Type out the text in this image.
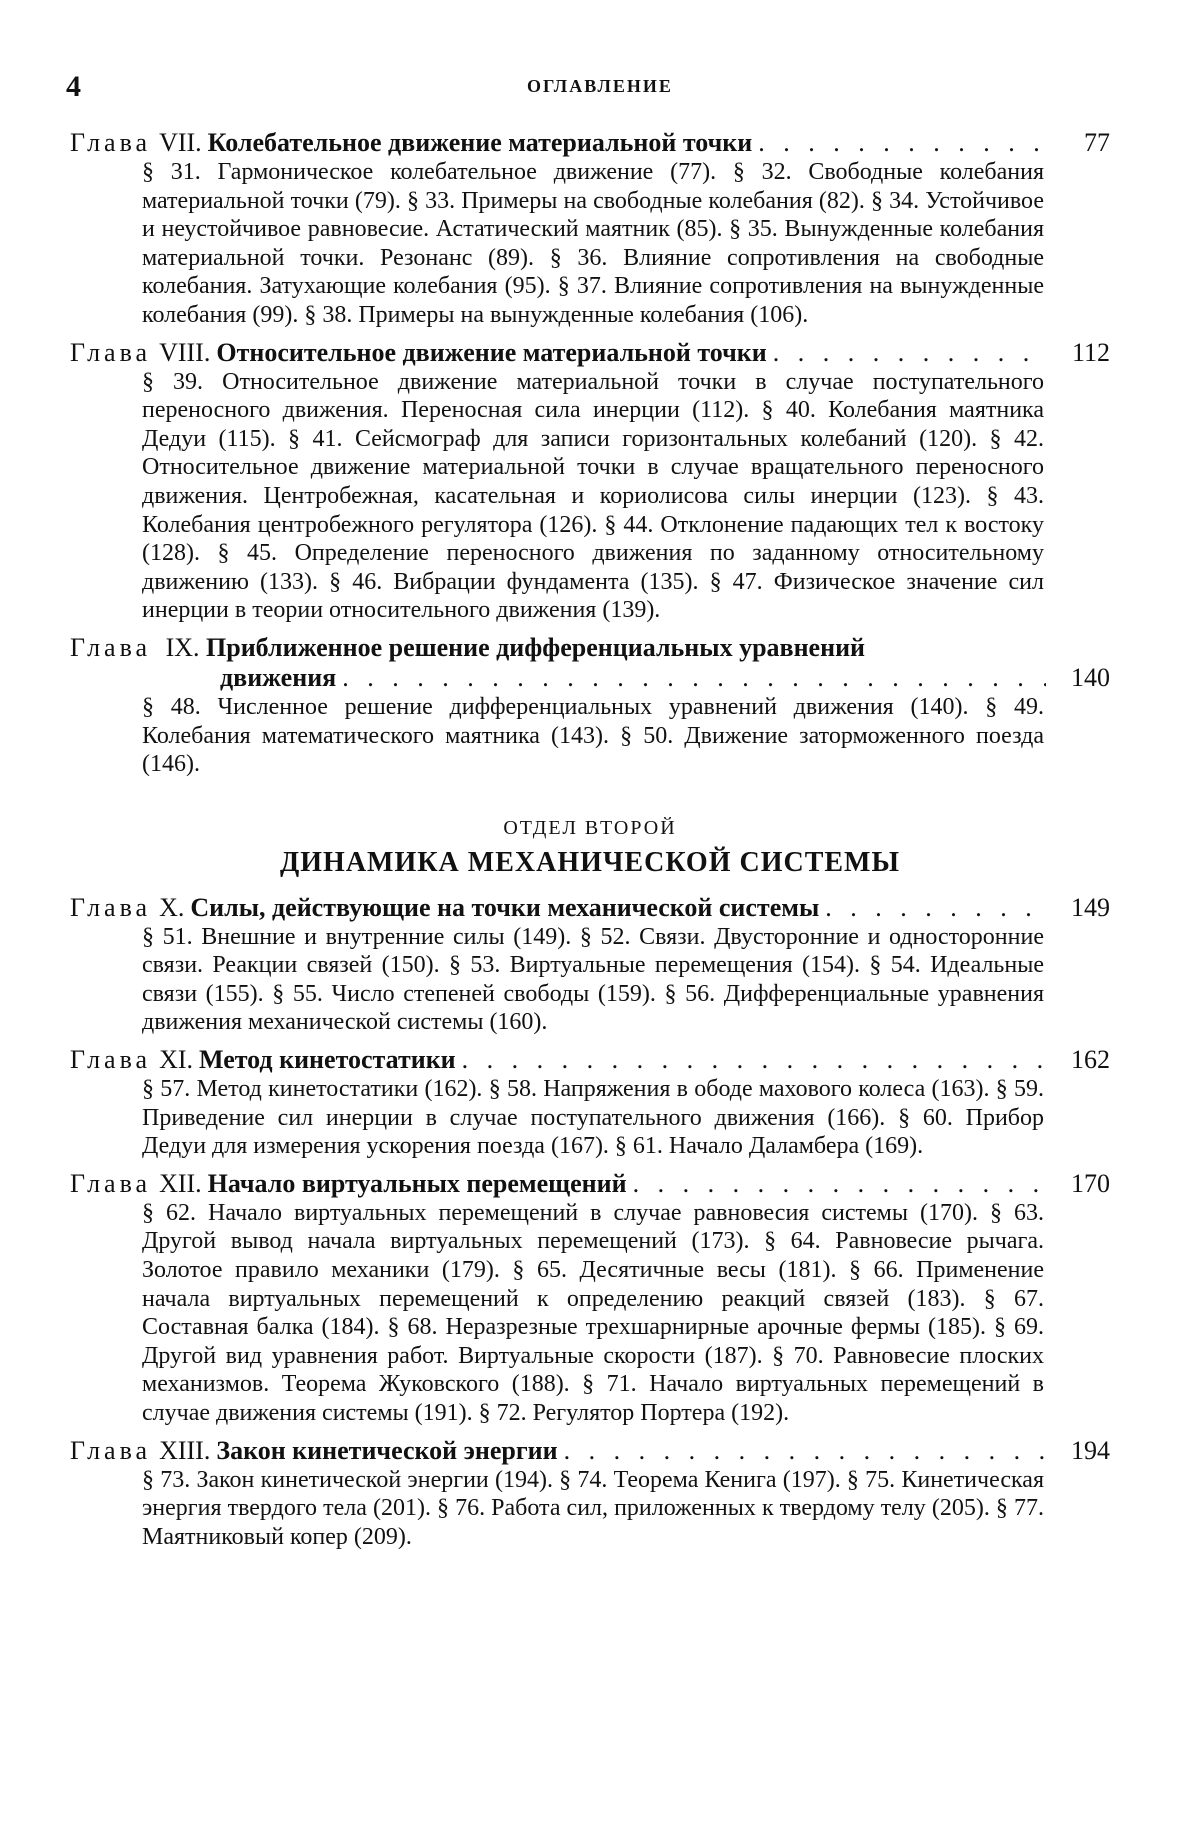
4	ОГЛАВЛЕНИЕ
Глава VII. Колебательное движение материальной точки . . .	77
§ 31. Гармоническое колебательное движение (77). § 32. Свободные колебания материальной точки (79). § 33. Примеры на свободные колебания (82). § 34. Устойчивое и неустойчивое равновесие. Астатический маятник (85). § 35. Вынужденные колебания материальной точки. Резонанс (89). § 36. Влияние сопротивления на свободные колебания. Затухающие колебания (95). § 37. Влияние сопротивления на вынужденные колебания (99). § 38. Примеры на вынужденные колебания (106).
Глава VIII. Относительное движение материальной точки . . .	112
§ 39. Относительное движение материальной точки в случае поступательного переносного движения. Переносная сила инерции (112). § 40. Колебания маятника Дедуи (115). § 41. Сейсмограф для записи горизонтальных колебаний (120). § 42. Относительное движение материальной точки в случае вращательного переносного движения. Центробежная, касательная и кориолисова силы инерции (123). § 43. Колебания центробежного регулятора (126). § 44. Отклонение падающих тел к востоку (128). § 45. Определение переносного движения по заданному относительному движению (133). § 46. Вибрации фундамента (135). § 47. Физическое значение сил инерции в теории относительного движения (139).
Глава IX. Приближенное решение дифференциальных уравнений
движения . . .	140
§ 48. Численное решение дифференциальных уравнений движения (140). § 49. Колебания математического маятника (143). § 50. Движение заторможенного поезда (146).
ОТДЕЛ ВТОРОЙ
ДИНАМИКА МЕХАНИЧЕСКОЙ СИСТЕМЫ
Глава X. Силы, действующие на точки механической системы . . .	149
§ 51. Внешние и внутренние силы (149). § 52. Связи. Двусторонние и односторонние связи. Реакции связей (150). § 53. Виртуальные перемещения (154). § 54. Идеальные связи (155). § 55. Число степеней свободы (159). § 56. Дифференциальные уравнения движения механической системы (160).
Глава XI. Метод кинетостатики . . .	162
§ 57. Метод кинетостатики (162). § 58. Напряжения в ободе махового колеса (163). § 59. Приведение сил инерции в случае поступательного движения (166). § 60. Прибор Дедуи для измерения ускорения поезда (167). § 61. Начало Даламбера (169).
Глава XII. Начало виртуальных перемещений . . .	170
§ 62. Начало виртуальных перемещений в случае равновесия системы (170). § 63. Другой вывод начала виртуальных перемещений (173). § 64. Равновесие рычага. Золотое правило механики (179). § 65. Десятичные весы (181). § 66. Применение начала виртуальных перемещений к определению реакций связей (183). § 67. Составная балка (184). § 68. Неразрезные трехшарнирные арочные фермы (185). § 69. Другой вид уравнения работ. Виртуальные скорости (187). § 70. Равновесие плоских механизмов. Теорема Жуковского (188). § 71. Начало виртуальных перемещений в случае движения системы (191). § 72. Регулятор Портера (192).
Глава XIII. Закон кинетической энергии . . .	194
§ 73. Закон кинетической энергии (194). § 74. Теорема Кенига (197). § 75. Кинетическая энергия твердого тела (201). § 76. Работа сил, приложенных к твердому телу (205). § 77. Маятниковый копер (209).
